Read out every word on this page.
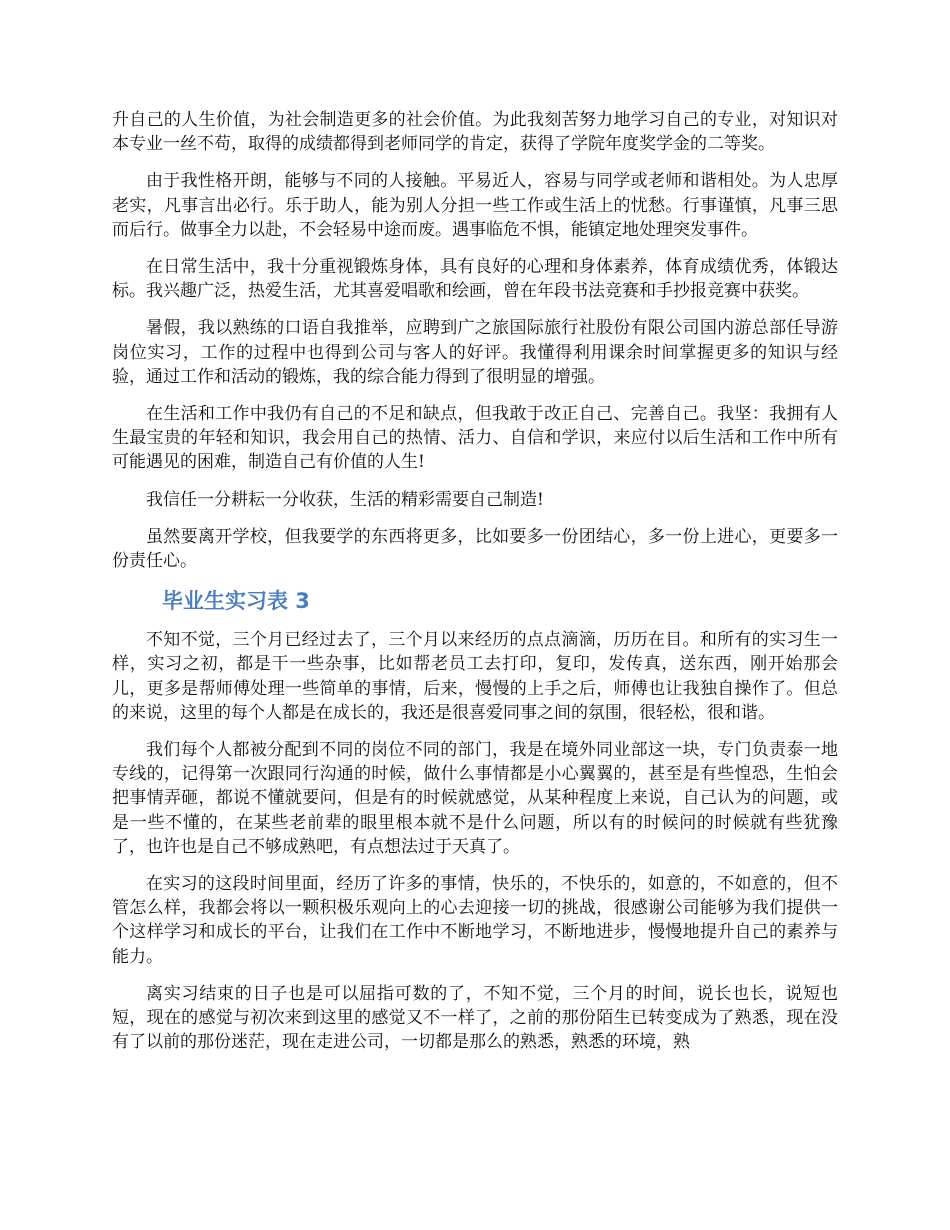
升自己的人生价值，为社会制造更多的社会价值。为此我刻苦努力地学习自己的专业，对知识对本专业一丝不苟，取得的成绩都得到老师同学的肯定，获得了学院年度奖学金的二等奖。

由于我性格开朗，能够与不同的人接触。平易近人，容易与同学或老师和谐相处。为人忠厚老实，凡事言出必行。乐于助人，能为别人分担一些工作或生活上的忧愁。行事谨慎，凡事三思而后行。做事全力以赴，不会轻易中途而废。遇事临危不惧，能镇定地处理突发事件。

在日常生活中，我十分重视锻炼身体，具有良好的心理和身体素养，体育成绩优秀，体锻达标。我兴趣广泛，热爱生活，尤其喜爱唱歌和绘画，曾在年段书法竞赛和手抄报竞赛中获奖。

暑假，我以熟练的口语自我推举，应聘到广之旅国际旅行社股份有限公司国内游总部任导游岗位实习，工作的过程中也得到公司与客人的好评。我懂得利用课余时间掌握更多的知识与经验，通过工作和活动的锻炼，我的综合能力得到了很明显的增强。

在生活和工作中我仍有自己的不足和缺点，但我敢于改正自己、完善自己。我坚：我拥有人生最宝贵的年轻和知识，我会用自己的热情、活力、自信和学识，来应付以后生活和工作中所有可能遇见的困难，制造自己有价值的人生!

我信任一分耕耘一分收获，生活的精彩需要自己制造!

虽然要离开学校，但我要学的东西将更多，比如要多一份团结心，多一份上进心，更要多一份责任心。

毕业生实习表 3

不知不觉，三个月已经过去了，三个月以来经历的点点滴滴，历历在目。和所有的实习生一样，实习之初，都是干一些杂事，比如帮老员工去打印，复印，发传真，送东西，刚开始那会儿，更多是帮师傅处理一些简单的事情，后来，慢慢的上手之后，师傅也让我独自操作了。但总的来说，这里的每个人都是在成长的，我还是很喜爱同事之间的氛围，很轻松，很和谐。

我们每个人都被分配到不同的岗位不同的部门，我是在境外同业部这一块，专门负责泰一地专线的，记得第一次跟同行沟通的时候，做什么事情都是小心翼翼的，甚至是有些惶恐，生怕会把事情弄砸，都说不懂就要问，但是有的时候就感觉，从某种程度上来说，自己认为的问题，或是一些不懂的，在某些老前辈的眼里根本就不是什么问题，所以有的时候问的时候就有些犹豫了，也许也是自己不够成熟吧，有点想法过于天真了。

在实习的这段时间里面，经历了许多的事情，快乐的，不快乐的，如意的，不如意的，但不管怎么样，我都会将以一颗积极乐观向上的心去迎接一切的挑战，很感谢公司能够为我们提供一个这样学习和成长的平台，让我们在工作中不断地学习，不断地进步，慢慢地提升自己的素养与能力。

离实习结束的日子也是可以屈指可数的了，不知不觉，三个月的时间，说长也长，说短也短，现在的感觉与初次来到这里的感觉又不一样了，之前的那份陌生已转变成为了熟悉，现在没有了以前的那份迷茫，现在走进公司，一切都是那么的熟悉，熟悉的环境，熟
